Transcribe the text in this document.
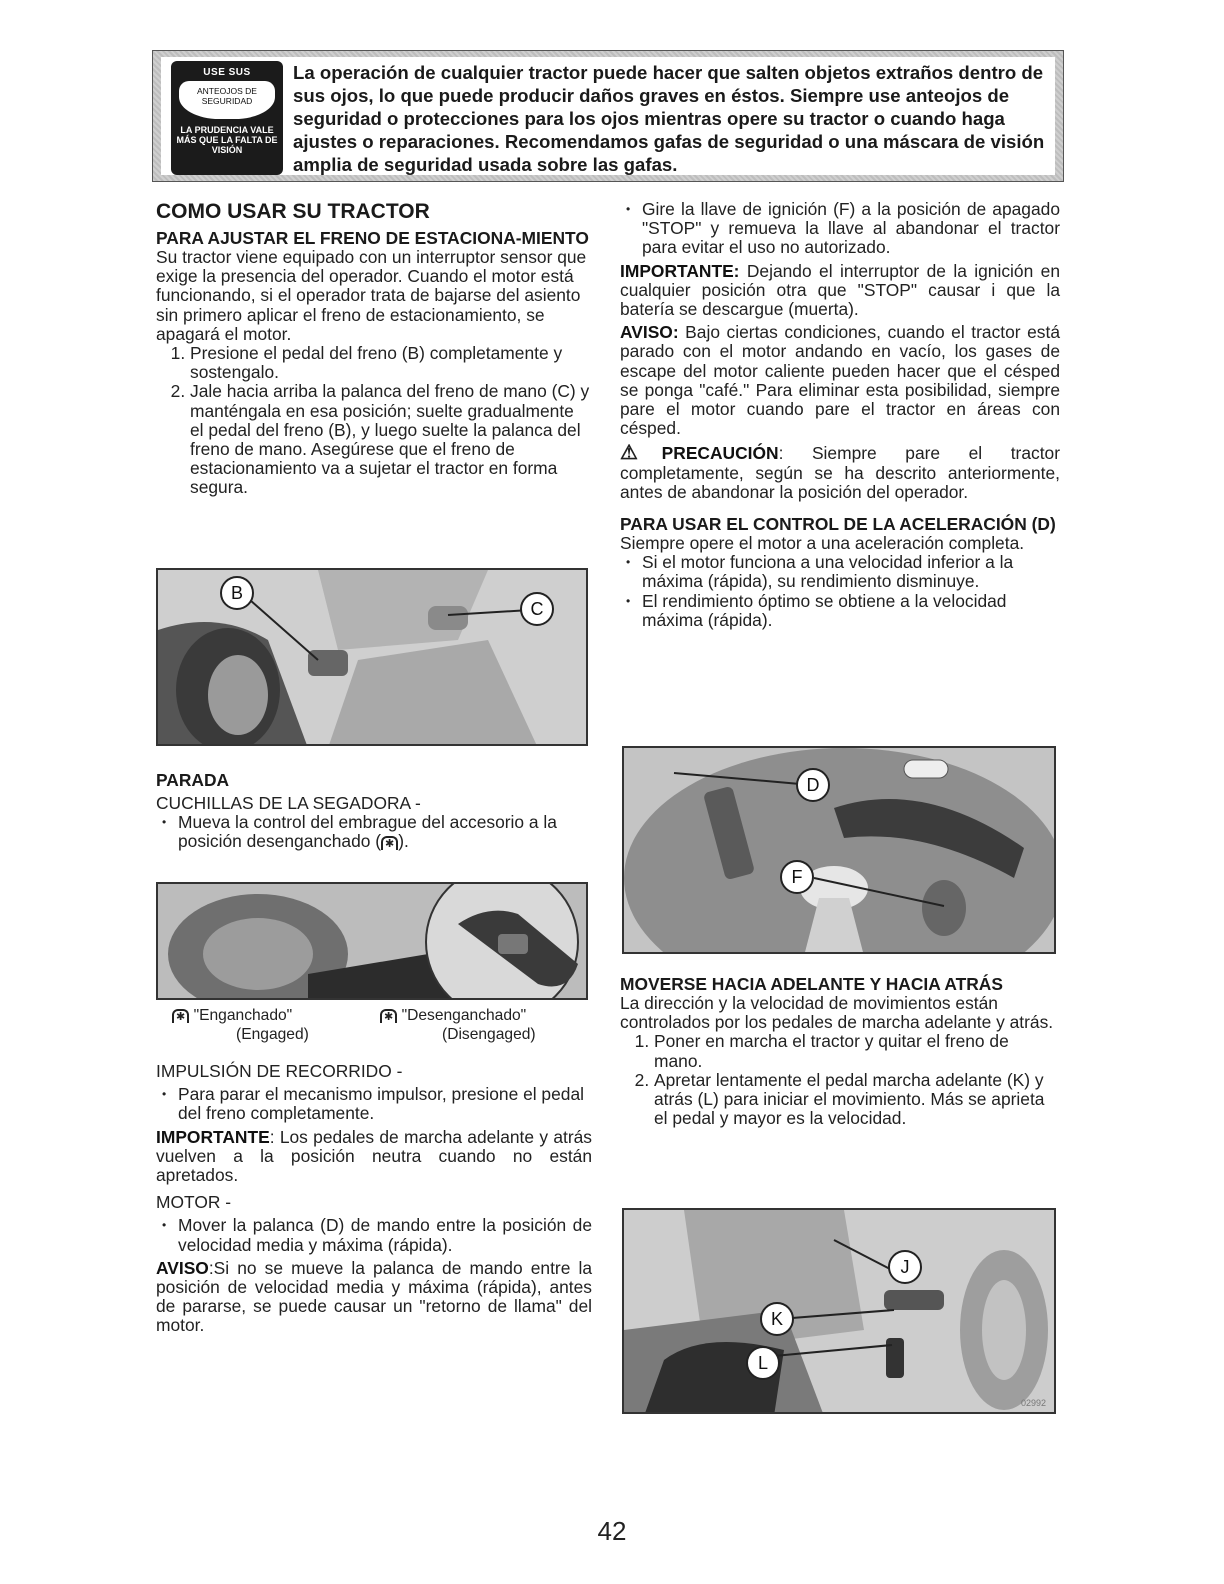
USE SUS
ANTEOJOS DE SEGURIDAD
LA PRUDENCIA VALE MÁS QUE LA FALTA DE VISIÓN
La operación de cualquier tractor puede hacer que salten objetos extraños dentro de sus ojos, lo que puede producir daños graves en éstos. Siempre use anteojos de seguridad o protecciones para los ojos mientras opere su tractor o cuando haga ajustes o reparaciones. Recomendamos gafas de seguridad o una máscara de visión amplia de seguridad usada sobre las gafas.
COMO USAR SU TRACTOR
PARA AJUSTAR EL FRENO DE ESTACIONA-MIENTO

Su tractor viene equipado con un interruptor sensor que exige la presencia del operador. Cuando el motor está funcionando, si el operador trata de bajarse del asiento sin primero aplicar el freno de estacionamiento, se apagará el motor.

1. Presione el pedal del freno (B) completamente y sostengalo.
2. Jale hacia arriba la palanca del freno de mano (C) y manténgala en esa posición; suelte gradualmente el pedal del freno (B), y luego suelte la palanca del freno de mano. Asegúrese que el freno de estacionamiento va a sujetar el tractor en forma segura.
B
C
PARADA

CUCHILLAS DE LA SEGADORA -

• Mueva la control del embrague del accesorio a la posición desenganchado ( ✱ ).
✱ "Enganchado"
(Engaged)
✱ "Desenganchado"
(Disengaged)

IMPULSIÓN DE RECORRIDO -

• Para parar el mecanismo impulsor, presione el pedal del freno completamente.

IMPORTANTE: Los pedales de marcha adelante y atrás vuelven a la posición neutra cuando no están apretados.

MOTOR -

• Mover la palanca (D) de mando entre la posición de velocidad media y máxima (rápida).

AVISO:Si no se mueve la palanca de mando entre la posición de velocidad media y máxima (rápida), antes de pararse, se puede causar un "retorno de llama" del motor.

• Gire la llave de ignición (F) a la posición de apagado "STOP" y remueva la llave al abandonar el tractor para evitar el uso no autorizado.

IMPORTANTE: Dejando el interruptor de la ignición en cualquier posición otra que "STOP" causar i que la batería se descargue (muerta).

AVISO: Bajo ciertas condiciones, cuando el tractor está parado con el motor andando en vacío, los gases de escape del motor caliente pueden hacer que el césped se ponga "café." Para eliminar esta posibilidad, siempre pare el motor cuando pare el tractor en áreas con césped.

⚠PRECAUCIÓN: Siempre pare el tractor completamente, según se ha descrito anteriormente, antes de abandonar la posición del operador.

PARA USAR EL CONTROL DE LA ACELERACIÓN (D)

Siempre opere el motor a una aceleración completa.

• Si el motor funciona a una velocidad inferior a la máxima (rápida), su rendimiento disminuye.
• El rendimiento óptimo se obtiene a la velocidad máxima (rápida).
D
F
MOVERSE HACIA ADELANTE Y HACIA ATRÁS

La dirección y la velocidad de movimientos están controlados por los pedales de marcha adelante y atrás.

1. Poner en marcha el tractor y quitar el freno de mano.
2. Apretar lentamente el pedal marcha adelante (K) y atrás (L) para iniciar el movimiento. Más se aprieta el pedal y mayor es la velocidad.
J
K
L
02992
42
